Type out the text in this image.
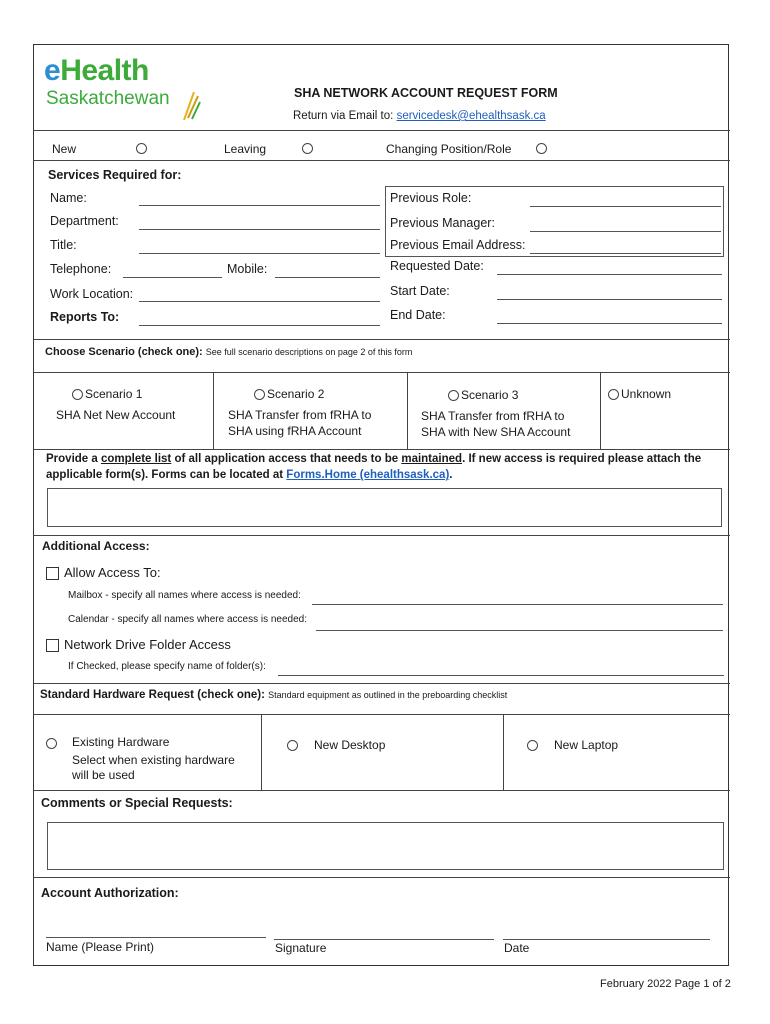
eHealth
Saskatchewan	SHA NETWORK ACCOUNT REQUEST FORM
Return via Email to: servicedesk@ehealthsask.ca
New	Leaving	Changing Position/Role
Services Required for:
Name:
Department:
Title:
Telephone:	Mobile:
Work Location:
Reports To:
Previous Role:
Previous Manager:
Previous Email Address:
Requested Date:
Start Date:
End Date:
Choose Scenario (check one): See full scenario descriptions on page 2 of this form
Scenario 1
SHA Net New Account
Scenario 2
SHA Transfer from fRHA to
SHA using fRHA Account
Scenario 3
SHA Transfer from fRHA to
SHA with New SHA Account
Unknown
Provide a complete list of all application access that needs to be maintained. If new access is required please attach the
applicable form(s). Forms can be located at Forms.Home (ehealthsask.ca).
Additional Access:
Allow Access To:
Mailbox - specify all names where access is needed:
Calendar - specify all names where access is needed:
Network Drive Folder Access
If Checked, please specify name of folder(s):
Standard Hardware Request (check one): Standard equipment as outlined in the preboarding checklist
Existing Hardware
Select when existing hardware
will be used
New Desktop	New Laptop
Comments or Special Requests:
Account Authorization:
Name (Please Print)	Signature	Date
February 2022 Page 1 of 2
